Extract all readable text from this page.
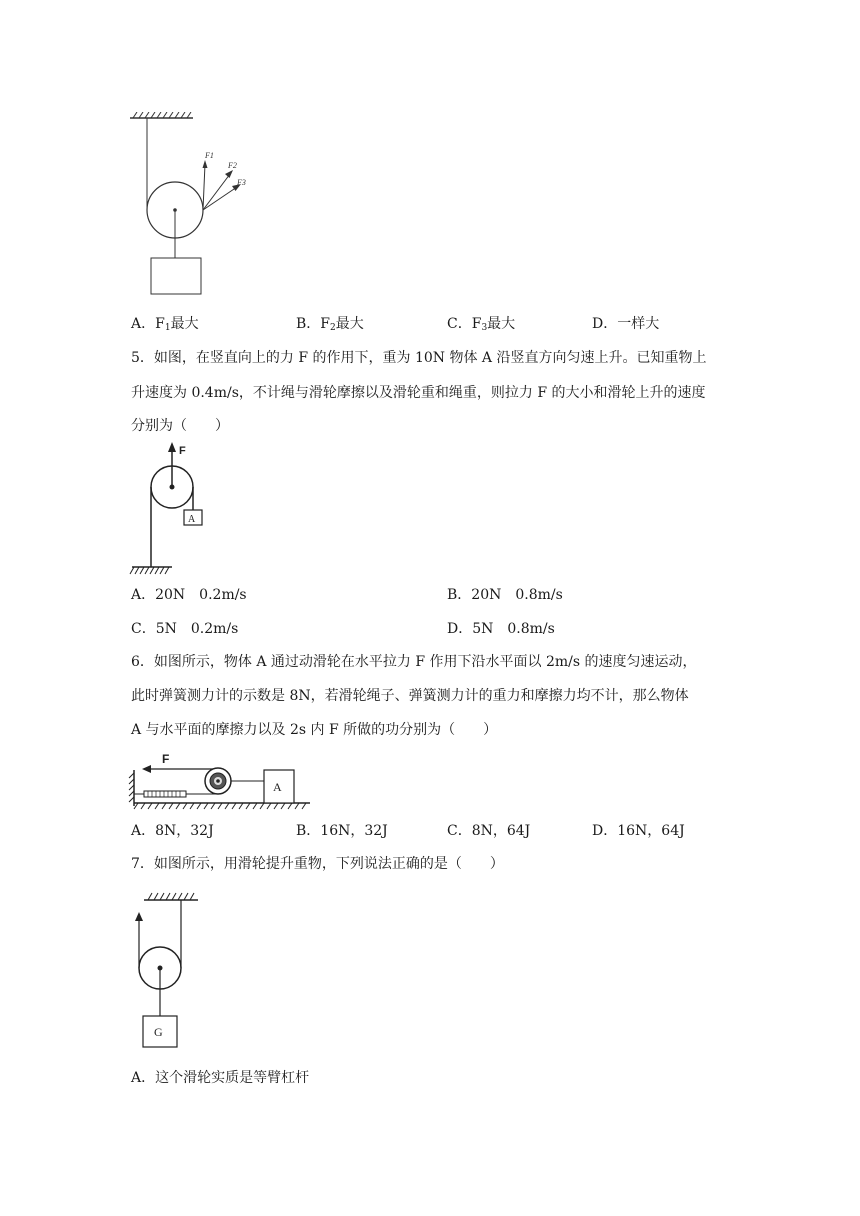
F1
F2
F3
A．$F_1$最大	B．$F_2$最大	C．$F_3$最大	D．一样大
5．如图，在竖直向上的力 F 的作用下，重为 10N 物体 A 沿竖直方向匀速上升。已知重物上
升速度为 0.4m/s，不计绳与滑轮摩擦以及滑轮重和绳重，则拉力 F 的大小和滑轮上升的速度
分别为（　　）
F
A
A．20N　0.2m/s	B．20N　0.8m/s
C．5N　0.2m/s	D．5N　0.8m/s
6．如图所示，物体 A 通过动滑轮在水平拉力 F 作用下沿水平面以 2m/s 的速度匀速运动，
此时弹簧测力计的示数是 8N，若滑轮绳子、弹簧测力计的重力和摩擦力均不计，那么物体
A 与水平面的摩擦力以及 2s 内 F 所做的功分别为（　　）
F
A
A．8N，32J	B．16N，32J	C．8N，64J	D．16N，64J
7．如图所示，用滑轮提升重物，下列说法正确的是（　　）
G
A．这个滑轮实质是等臂杠杆
